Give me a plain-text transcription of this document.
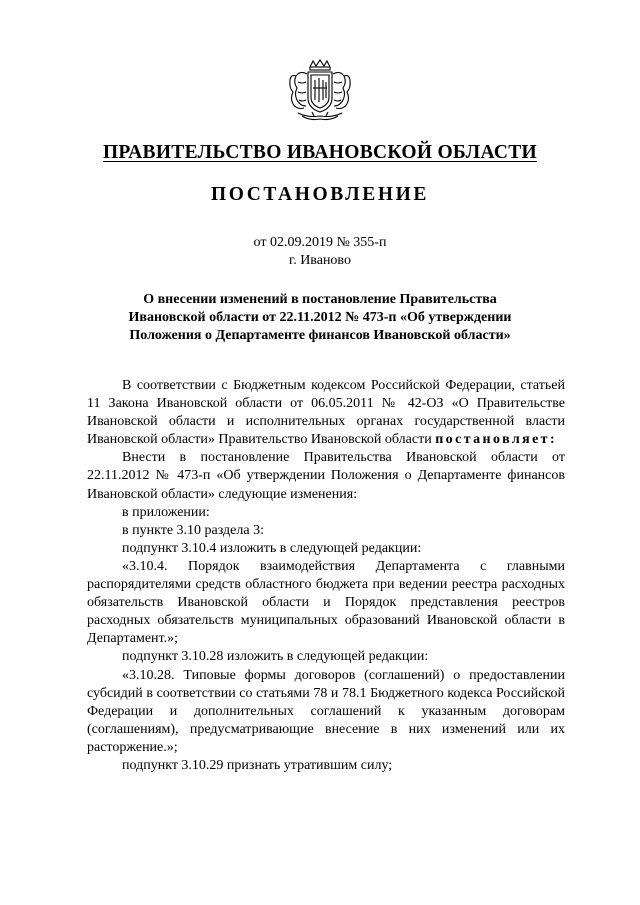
ПРАВИТЕЛЬСТВО ИВАНОВСКОЙ ОБЛАСТИ
ПОСТАНОВЛЕНИЕ
от 02.09.2019 № 355-п
г. Иваново
О внесении изменений в постановление Правительства
Ивановской области от 22.11.2012 № 473-п «Об утверждении
Положения о Департаменте финансов Ивановской области»

В соответствии с Бюджетным кодексом Российской Федерации, статьей 11 Закона Ивановской области от 06.05.2011 № 42-ОЗ «О Правительстве Ивановской области и исполнительных органах государственной власти Ивановской области» Правительство Ивановской области постановляет:

Внести в постановление Правительства Ивановской области от 22.11.2012 № 473-п «Об утверждении Положения о Департаменте финансов Ивановской области» следующие изменения:

в приложении:

в пункте 3.10 раздела 3:

подпункт 3.10.4 изложить в следующей редакции:

«3.10.4. Порядок взаимодействия Департамента с главными распорядителями средств областного бюджета при ведении реестра расходных обязательств Ивановской области и Порядок представления реестров расходных обязательств муниципальных образований Ивановской области в Департамент.»;

подпункт 3.10.28 изложить в следующей редакции:

«3.10.28. Типовые формы договоров (соглашений) о предоставлении субсидий в соответствии со статьями 78 и 78.1 Бюджетного кодекса Российской Федерации и дополнительных соглашений к указанным договорам (соглашениям), предусматривающие внесение в них изменений или их расторжение.»;

подпункт 3.10.29 признать утратившим силу;
